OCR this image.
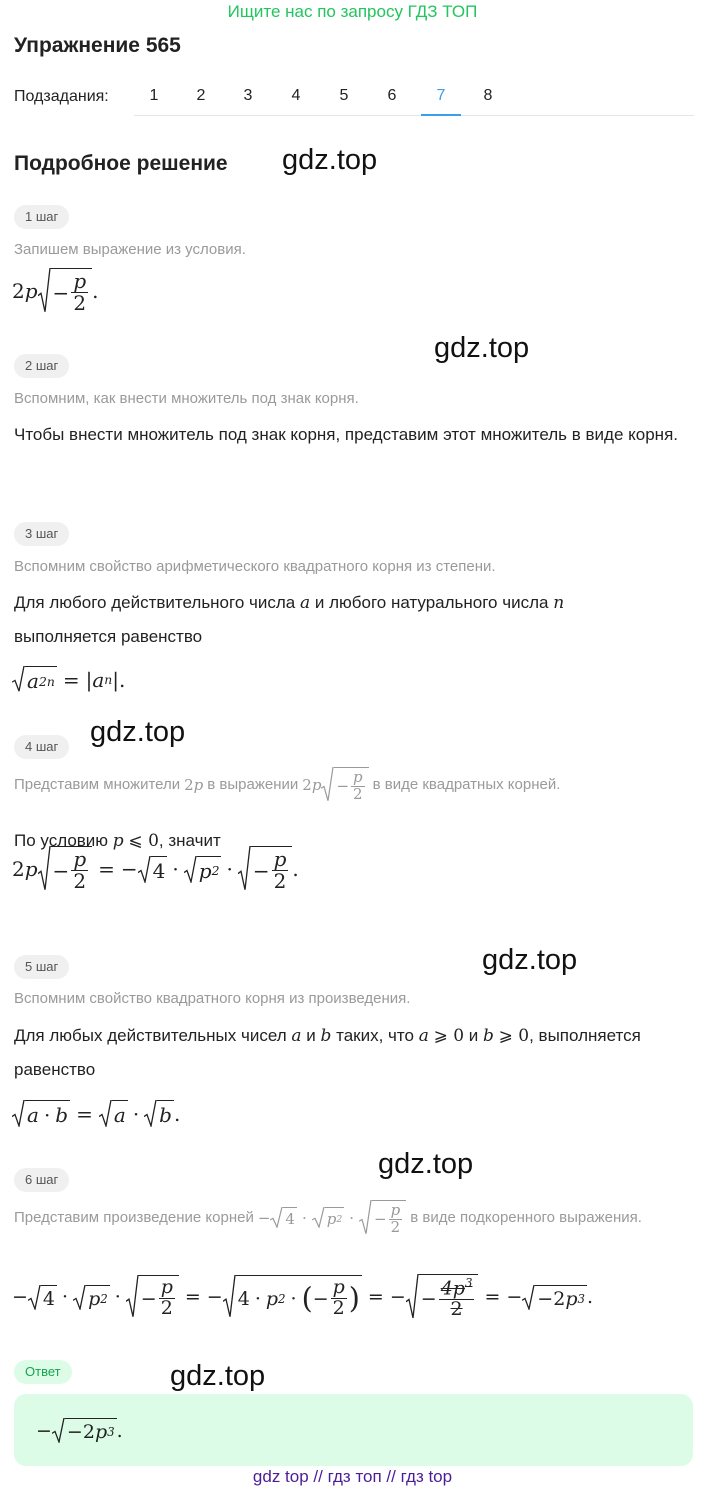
Ищите нас по запросу ГДЗ ТОП
Упражнение 565
Подзадания:	1	2	3	4	5	6	7	8
Подробное решение gdz.top
gdz.top
gdz.top
gdz.top
gdz.top
gdz.top
1 шаг
Запишем выражение из условия.
2 $p - \frac{p}{2}$ .
2 шаг
Вспомним, как внести множитель под знак корня.
Чтобы внести множитель под знак корня, представим этот множитель в виде корня.
3 шаг
Вспомним свойство арифметического квадратного корня из степени.
Для любого действительного числа a и любого натурального числа n
выполняется равенство
a 2n = | a n |.
4 шаг
Представим множители 2p в выражении 2 $p - \frac{p}{2}$ в виде квадратных корней.
По условию p ⩽ 0, значит
2 $p - \frac{p}{2}$ = − 4 · p 2 · − $\frac{p}{2}$ .
5 шаг
Вспомним свойство квадратного корня из произведения.
Для любых действительных чисел a и b таких, что a ⩾ 0 и b ⩾ 0, выполняется равенство
a · b = a · b .
6 шаг
Представим произведение корней − 4 · p 2 · − $\frac{p}{2}$ в виде подкоренного выражения.
− 4 · p 2 · − $\frac{p}{2}$ = − 4 · p 2 · ( − $\frac{p}{2}$ ) = − − $\frac{4p^3}{2}$ = − −2 p 3 .
Ответ
− −2 p 3 .
gdz top // гдз топ // гдз top
